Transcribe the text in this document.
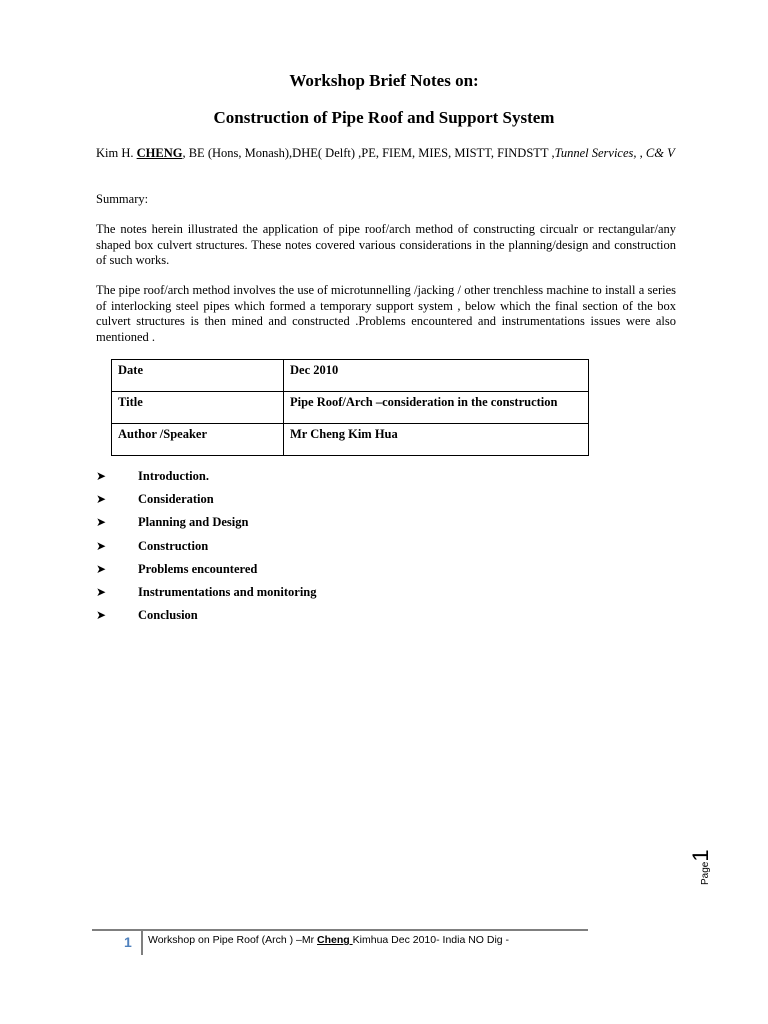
Workshop Brief Notes on:
Construction of Pipe Roof and Support System
Kim H. CHENG, BE (Hons, Monash),DHE( Delft) ,PE, FIEM, MIES, MISTT, FINDSTT ,Tunnel Services, , C& V
Summary:
The notes herein illustrated the application of pipe roof/arch method of constructing circualr or rectangular/any shaped box culvert structures. These notes covered various considerations in the planning/design and construction of such works.
The pipe roof/arch method involves the use of microtunnelling /jacking / other trenchless machine to install a series of interlocking steel pipes which formed a temporary support system , below which the final section of the box culvert structures is then mined and constructed .Problems encountered and instrumentations issues were also mentioned .
Date	Dec 2010
Title	Pipe Roof/Arch –consideration in the construction
Author /Speaker	Mr Cheng Kim Hua
➤	Introduction.
➤	Consideration
➤	Planning and Design
➤	Construction
➤	Problems encountered
➤	Instrumentations and monitoring
➤	Conclusion
Page1
1 Workshop on Pipe Roof (Arch ) –Mr Cheng Kimhua Dec 2010- India NO Dig -
